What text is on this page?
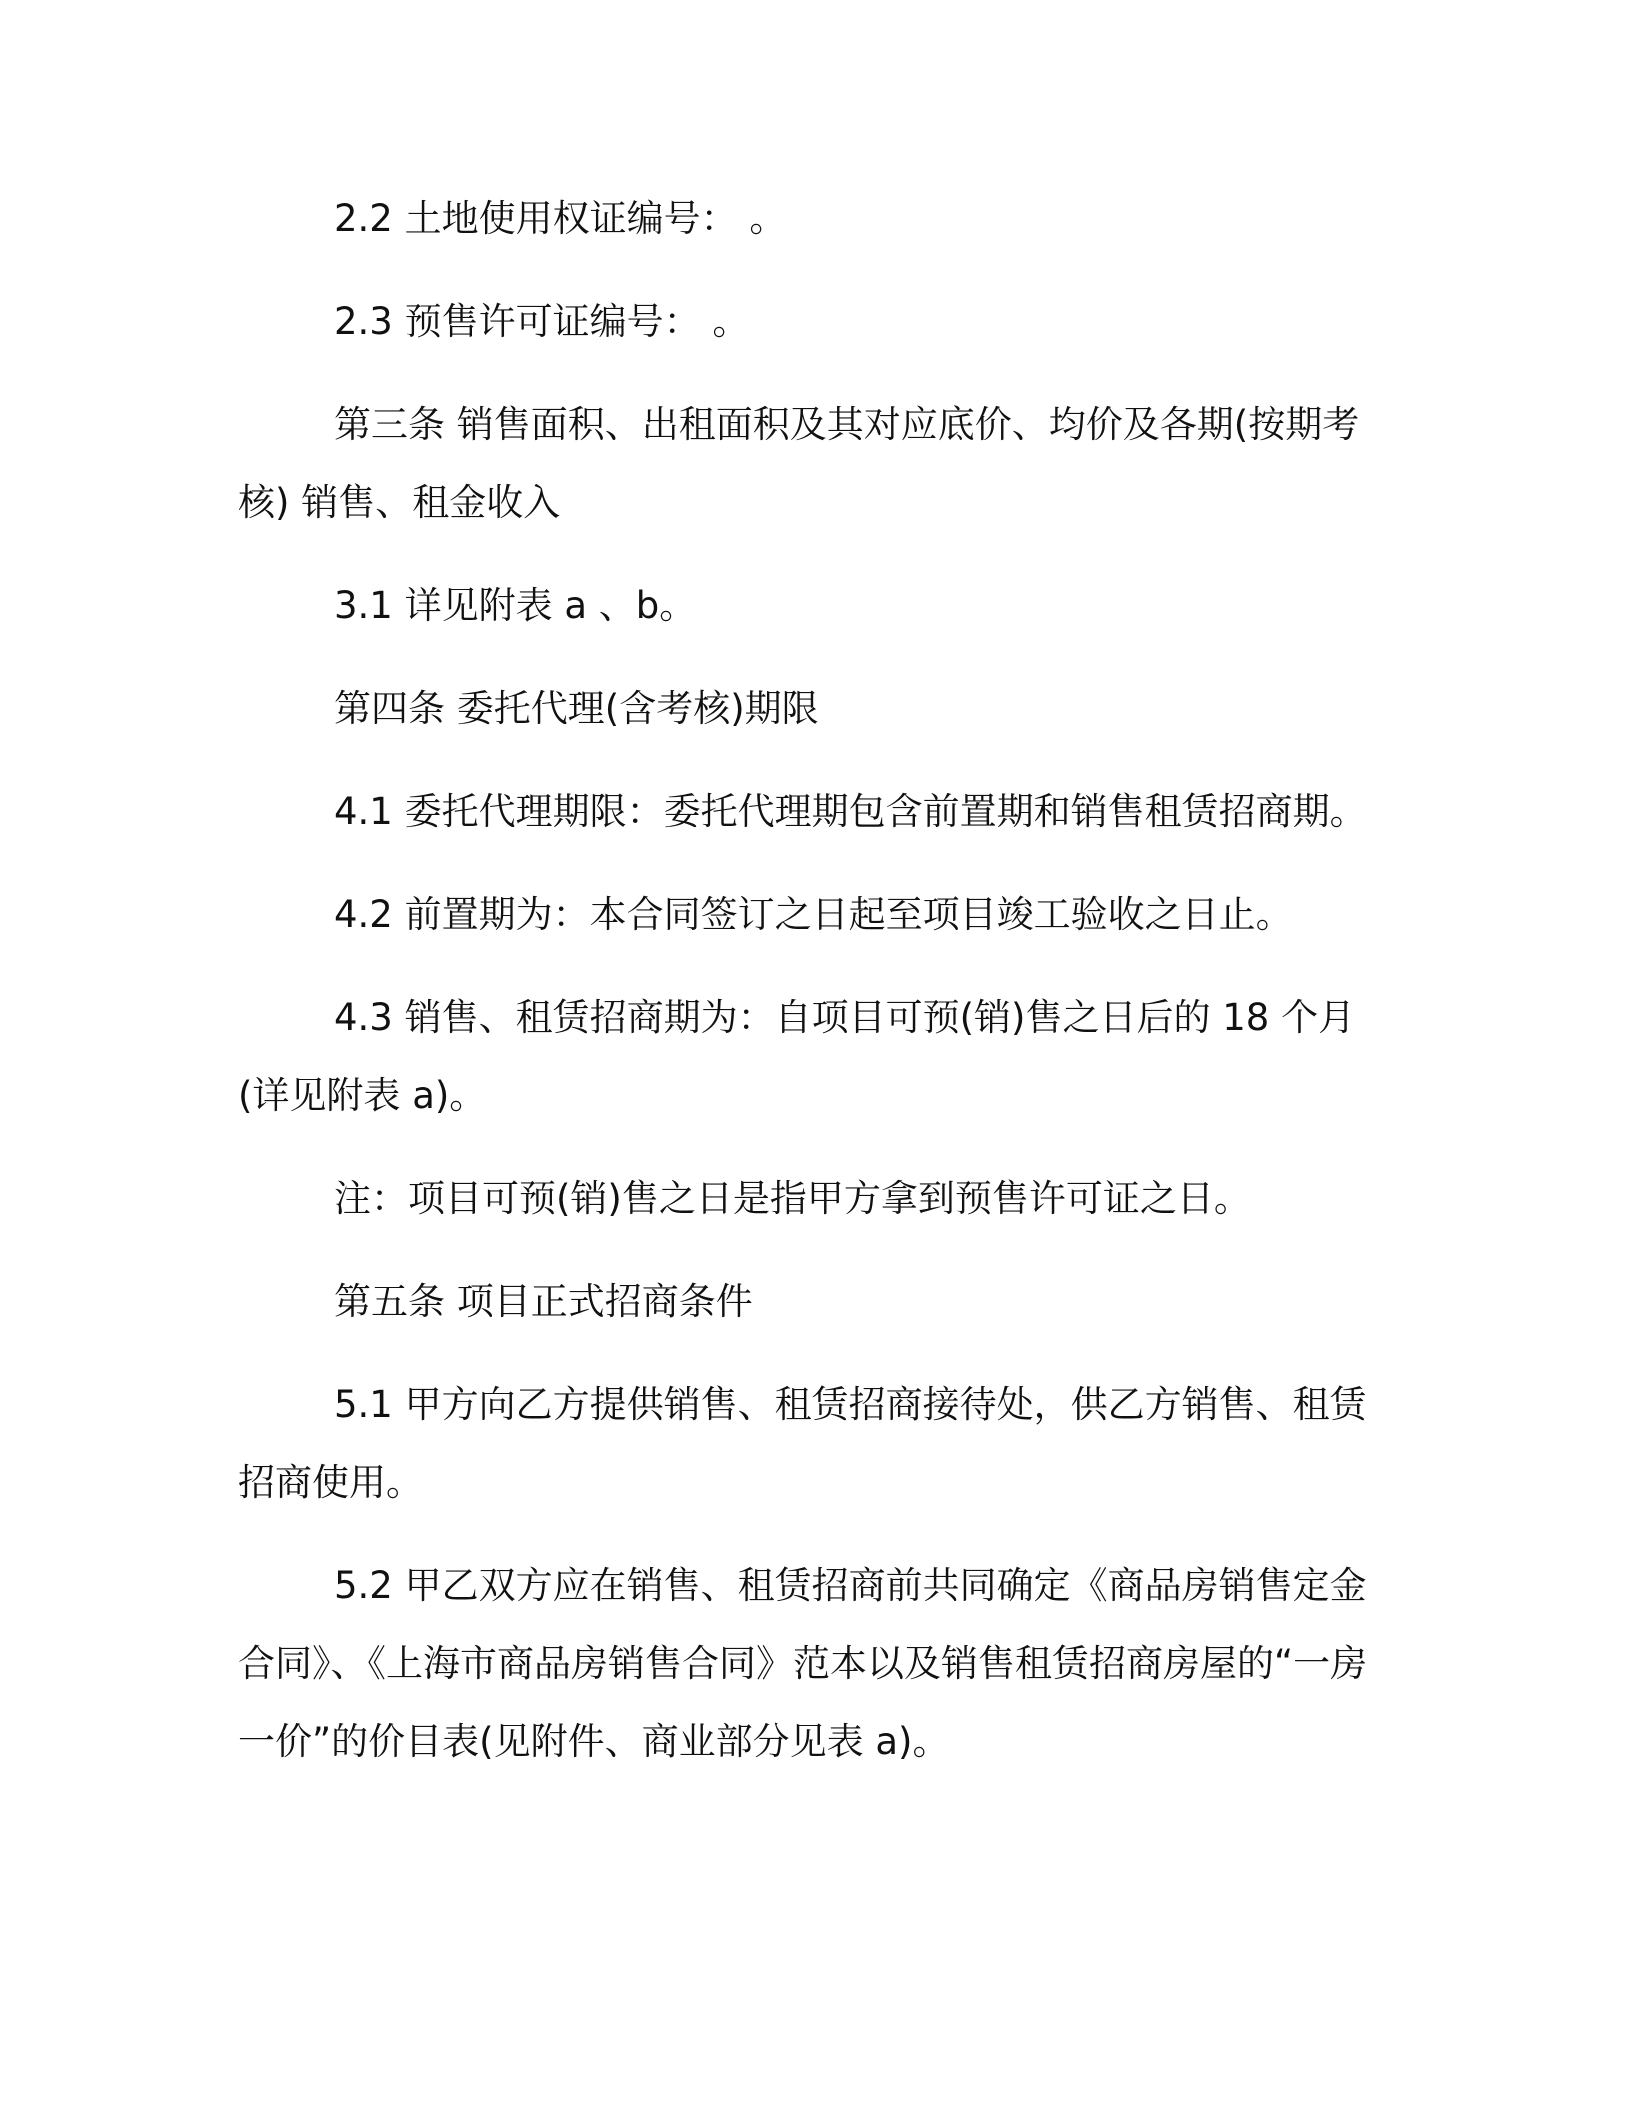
2.2 土地使用权证编号： 。

2.3 预售许可证编号： 。

第三条 销售面积、出租面积及其对应底价、均价及各期(按期考核) 销售、租金收入

3.1 详见附表 a 、b。

第四条 委托代理(含考核)期限

4.1 委托代理期限：委托代理期包含前置期和销售租赁招商期。

4.2 前置期为：本合同签订之日起至项目竣工验收之日止。

4.3 销售、租赁招商期为：自项目可预(销)售之日后的 18 个月(详见附表 a)。

注：项目可预(销)售之日是指甲方拿到预售许可证之日。

第五条 项目正式招商条件

5.1 甲方向乙方提供销售、租赁招商接待处，供乙方销售、租赁招商使用。

5.2 甲乙双方应在销售、租赁招商前共同确定《商品房销售定金合同》、《上海市商品房销售合同》范本以及销售租赁招商房屋的“一房一价”的价目表(见附件、商业部分见表 a)。
